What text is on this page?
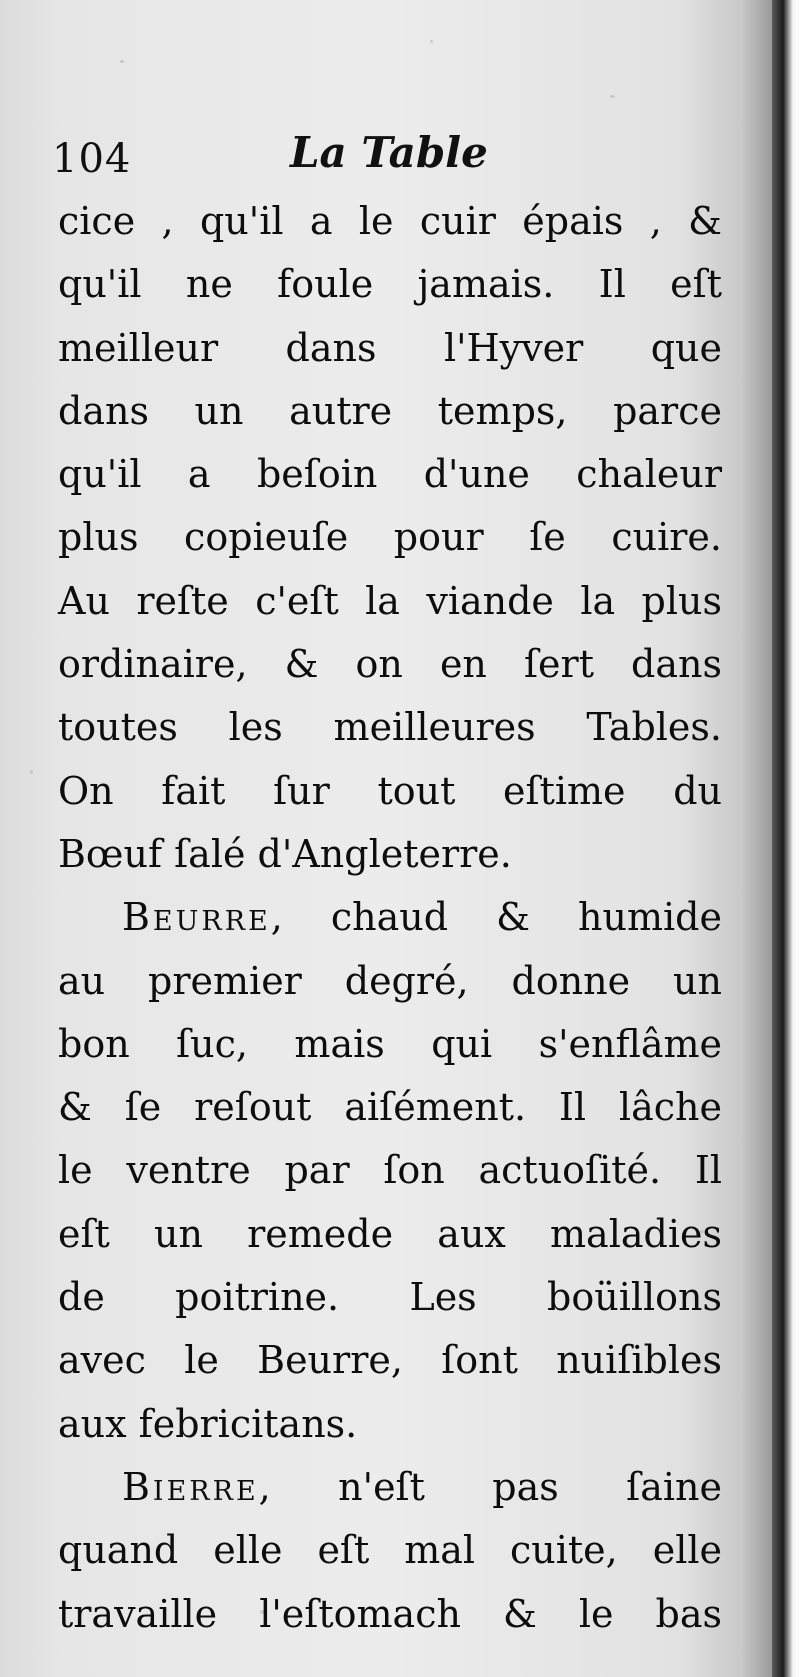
104	La Table
cice , qu'il a le cuir épais , &
qu'il ne foule jamais. Il eſt
meilleur dans l'Hyver que
dans un autre temps, parce
qu'il a beſoin d'une chaleur
plus copieuſe pour ſe cuire.
Au reſte c'eſt la viande la plus
ordinaire, & on en ſert dans
toutes les meilleures Tables.
On fait ſur tout eſtime du
Bœuf ſalé d'Angleterre.
Beurre, chaud & humide
au premier degré, donne un
bon ſuc, mais qui s'enflâme
& ſe reſout aiſément. Il lâche
le ventre par ſon actuoſité. Il
eſt un remede aux maladies
de poitrine. Les boüillons
avec le Beurre, ſont nuiſibles
aux febricitans.
Bierre, n'eſt pas ſaine
quand elle eſt mal cuite, elle
travaille l'eſtomach & le bas
